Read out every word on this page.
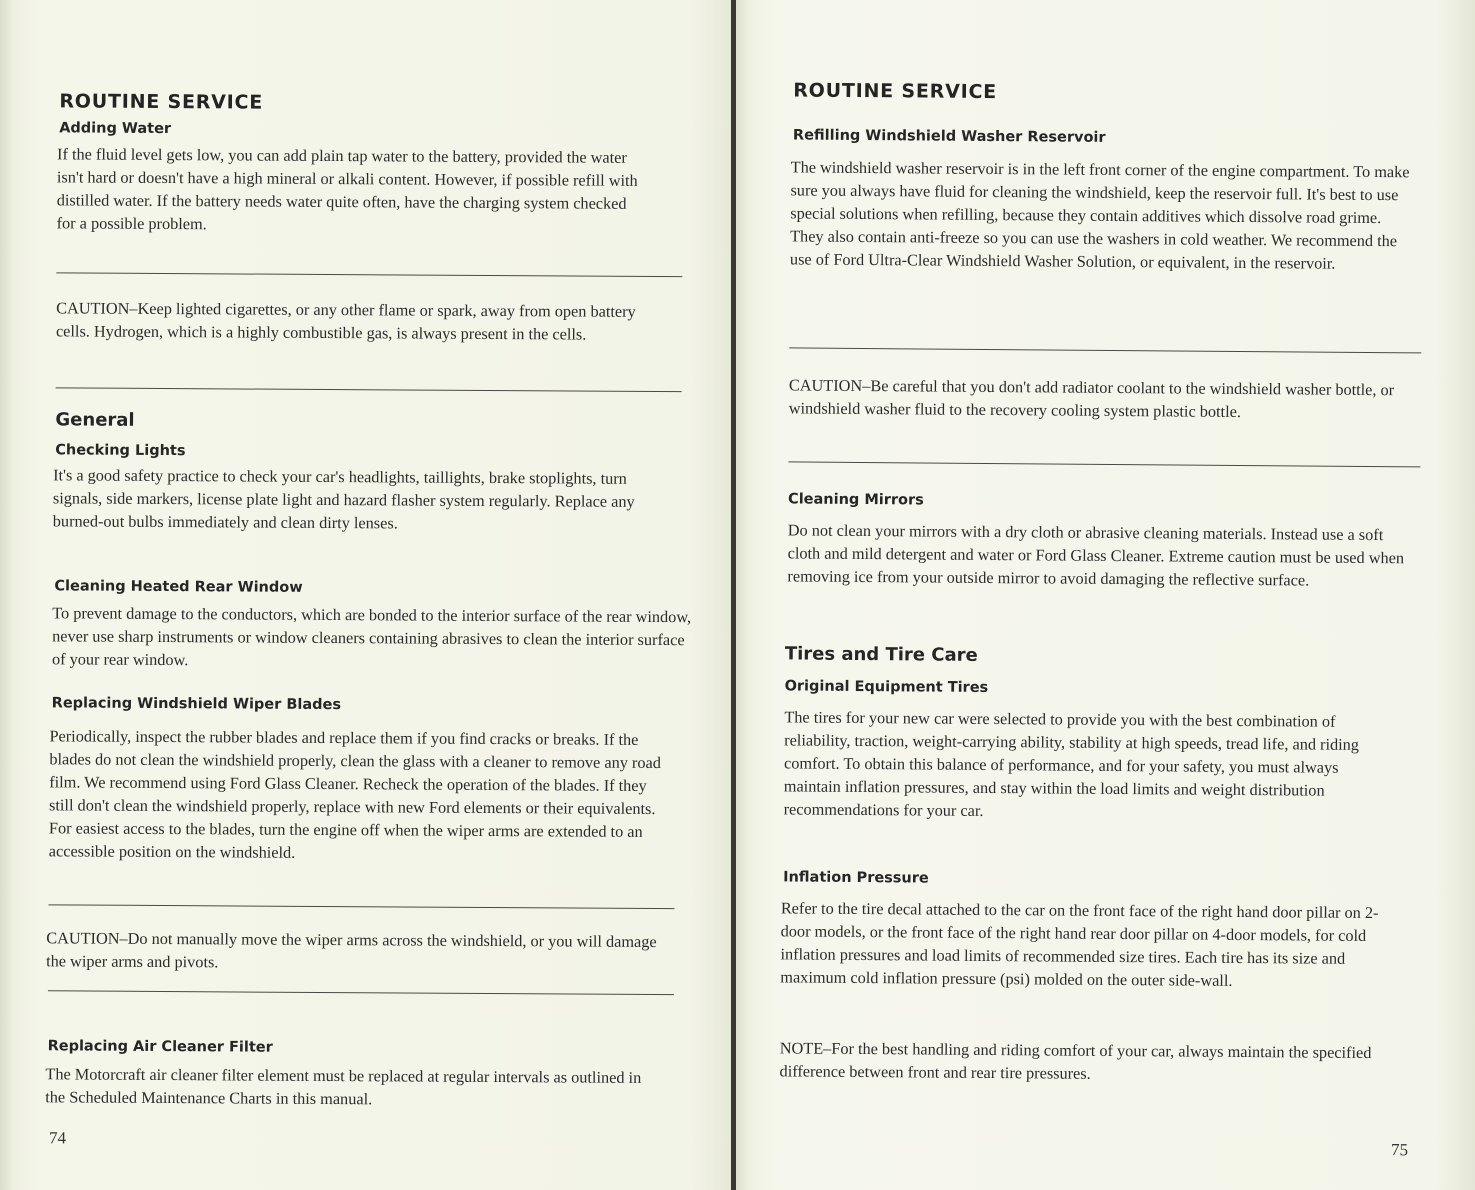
ROUTINE SERVICE
Adding Water

If the fluid level gets low, you can add plain tap water to the battery, provided the water isn't hard or doesn't have a high mineral or alkali content. However, if possible refill with distilled water. If the battery needs water quite often, have the charging system checked for a possible problem.

CAUTION–Keep lighted cigarettes, or any other flame or spark, away from open battery cells. Hydrogen, which is a highly combustible gas, is always present in the cells.

General
Checking Lights

It's a good safety practice to check your car's headlights, taillights, brake stoplights, turn signals, side markers, license plate light and hazard flasher system regularly. Replace any burned-out bulbs immediately and clean dirty lenses.

Cleaning Heated Rear Window

To prevent damage to the conductors, which are bonded to the interior surface of the rear window, never use sharp instruments or window cleaners containing abrasives to clean the interior surface of your rear window.

Replacing Windshield Wiper Blades

Periodically, inspect the rubber blades and replace them if you find cracks or breaks. If the blades do not clean the windshield properly, clean the glass with a cleaner to remove any road film. We recommend using Ford Glass Cleaner. Recheck the operation of the blades. If they still don't clean the windshield properly, replace with new Ford elements or their equivalents. For easiest access to the blades, turn the engine off when the wiper arms are extended to an accessible position on the windshield.

CAUTION–Do not manually move the wiper arms across the windshield, or you will damage the wiper arms and pivots.

Replacing Air Cleaner Filter

The Motorcraft air cleaner filter element must be replaced at regular intervals as outlined in the Scheduled Maintenance Charts in this manual.

74
ROUTINE SERVICE
Refilling Windshield Washer Reservoir

The windshield washer reservoir is in the left front corner of the engine compartment. To make sure you always have fluid for cleaning the windshield, keep the reservoir full. It's best to use special solutions when refilling, because they contain additives which dissolve road grime. They also contain anti-freeze so you can use the washers in cold weather. We recommend the use of Ford Ultra-Clear Windshield Washer Solution, or equivalent, in the reservoir.

CAUTION–Be careful that you don't add radiator coolant to the windshield washer bottle, or windshield washer fluid to the recovery cooling system plastic bottle.

Cleaning Mirrors

Do not clean your mirrors with a dry cloth or abrasive cleaning materials. Instead use a soft cloth and mild detergent and water or Ford Glass Cleaner. Extreme caution must be used when removing ice from your outside mirror to avoid damaging the reflective surface.

Tires and Tire Care
Original Equipment Tires

The tires for your new car were selected to provide you with the best combination of reliability, traction, weight-carrying ability, stability at high speeds, tread life, and riding comfort. To obtain this balance of performance, and for your safety, you must always maintain inflation pressures, and stay within the load limits and weight distribution recommendations for your car.

Inflation Pressure

Refer to the tire decal attached to the car on the front face of the right hand door pillar on 2-door models, or the front face of the right hand rear door pillar on 4-door models, for cold inflation pressures and load limits of recommended size tires. Each tire has its size and maximum cold inflation pressure (psi) molded on the outer side-wall.

NOTE–For the best handling and riding comfort of your car, always maintain the specified difference between front and rear tire pressures.

75
